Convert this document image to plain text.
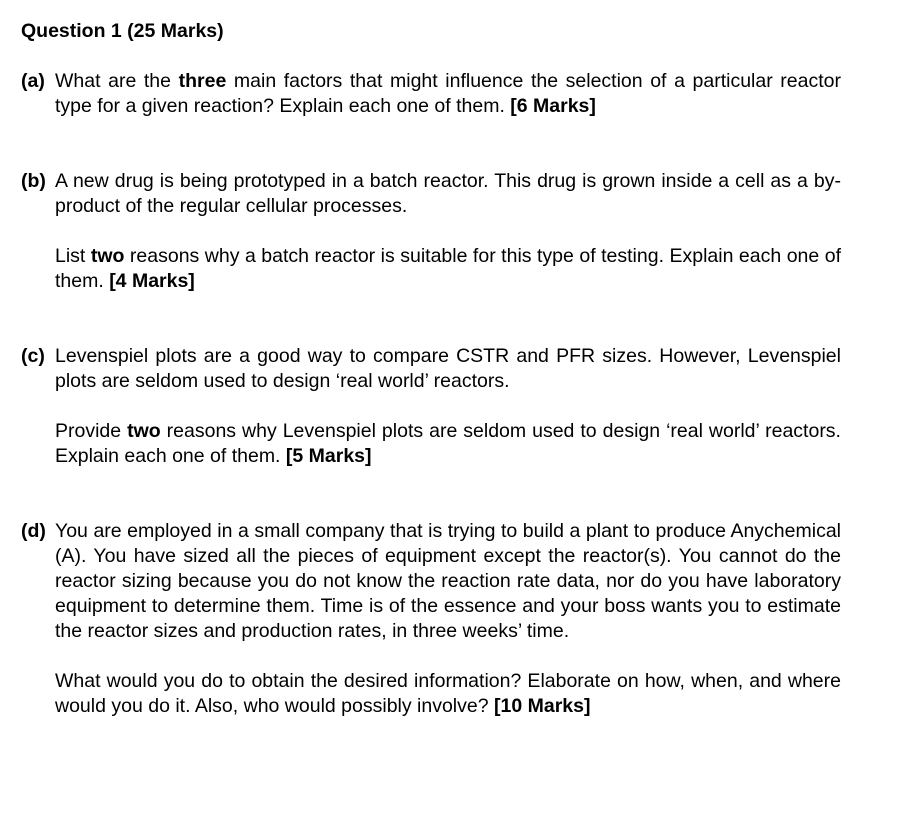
Question 1 (25 Marks)
(a) What are the three main factors that might influence the selection of a particular reactor type for a given reaction? Explain each one of them. [6 Marks]
(b) A new drug is being prototyped in a batch reactor. This drug is grown inside a cell as a by-product of the regular cellular processes.
List two reasons why a batch reactor is suitable for this type of testing. Explain each one of them. [4 Marks]
(c) Levenspiel plots are a good way to compare CSTR and PFR sizes. However, Levenspiel plots are seldom used to design ‘real world’ reactors.
Provide two reasons why Levenspiel plots are seldom used to design ‘real world’ reactors. Explain each one of them. [5 Marks]
(d) You are employed in a small company that is trying to build a plant to produce Anychemical (A). You have sized all the pieces of equipment except the reactor(s). You cannot do the reactor sizing because you do not know the reaction rate data, nor do you have laboratory equipment to determine them. Time is of the essence and your boss wants you to estimate the reactor sizes and production rates, in three weeks’ time.
What would you do to obtain the desired information? Elaborate on how, when, and where would you do it. Also, who would possibly involve? [10 Marks]
